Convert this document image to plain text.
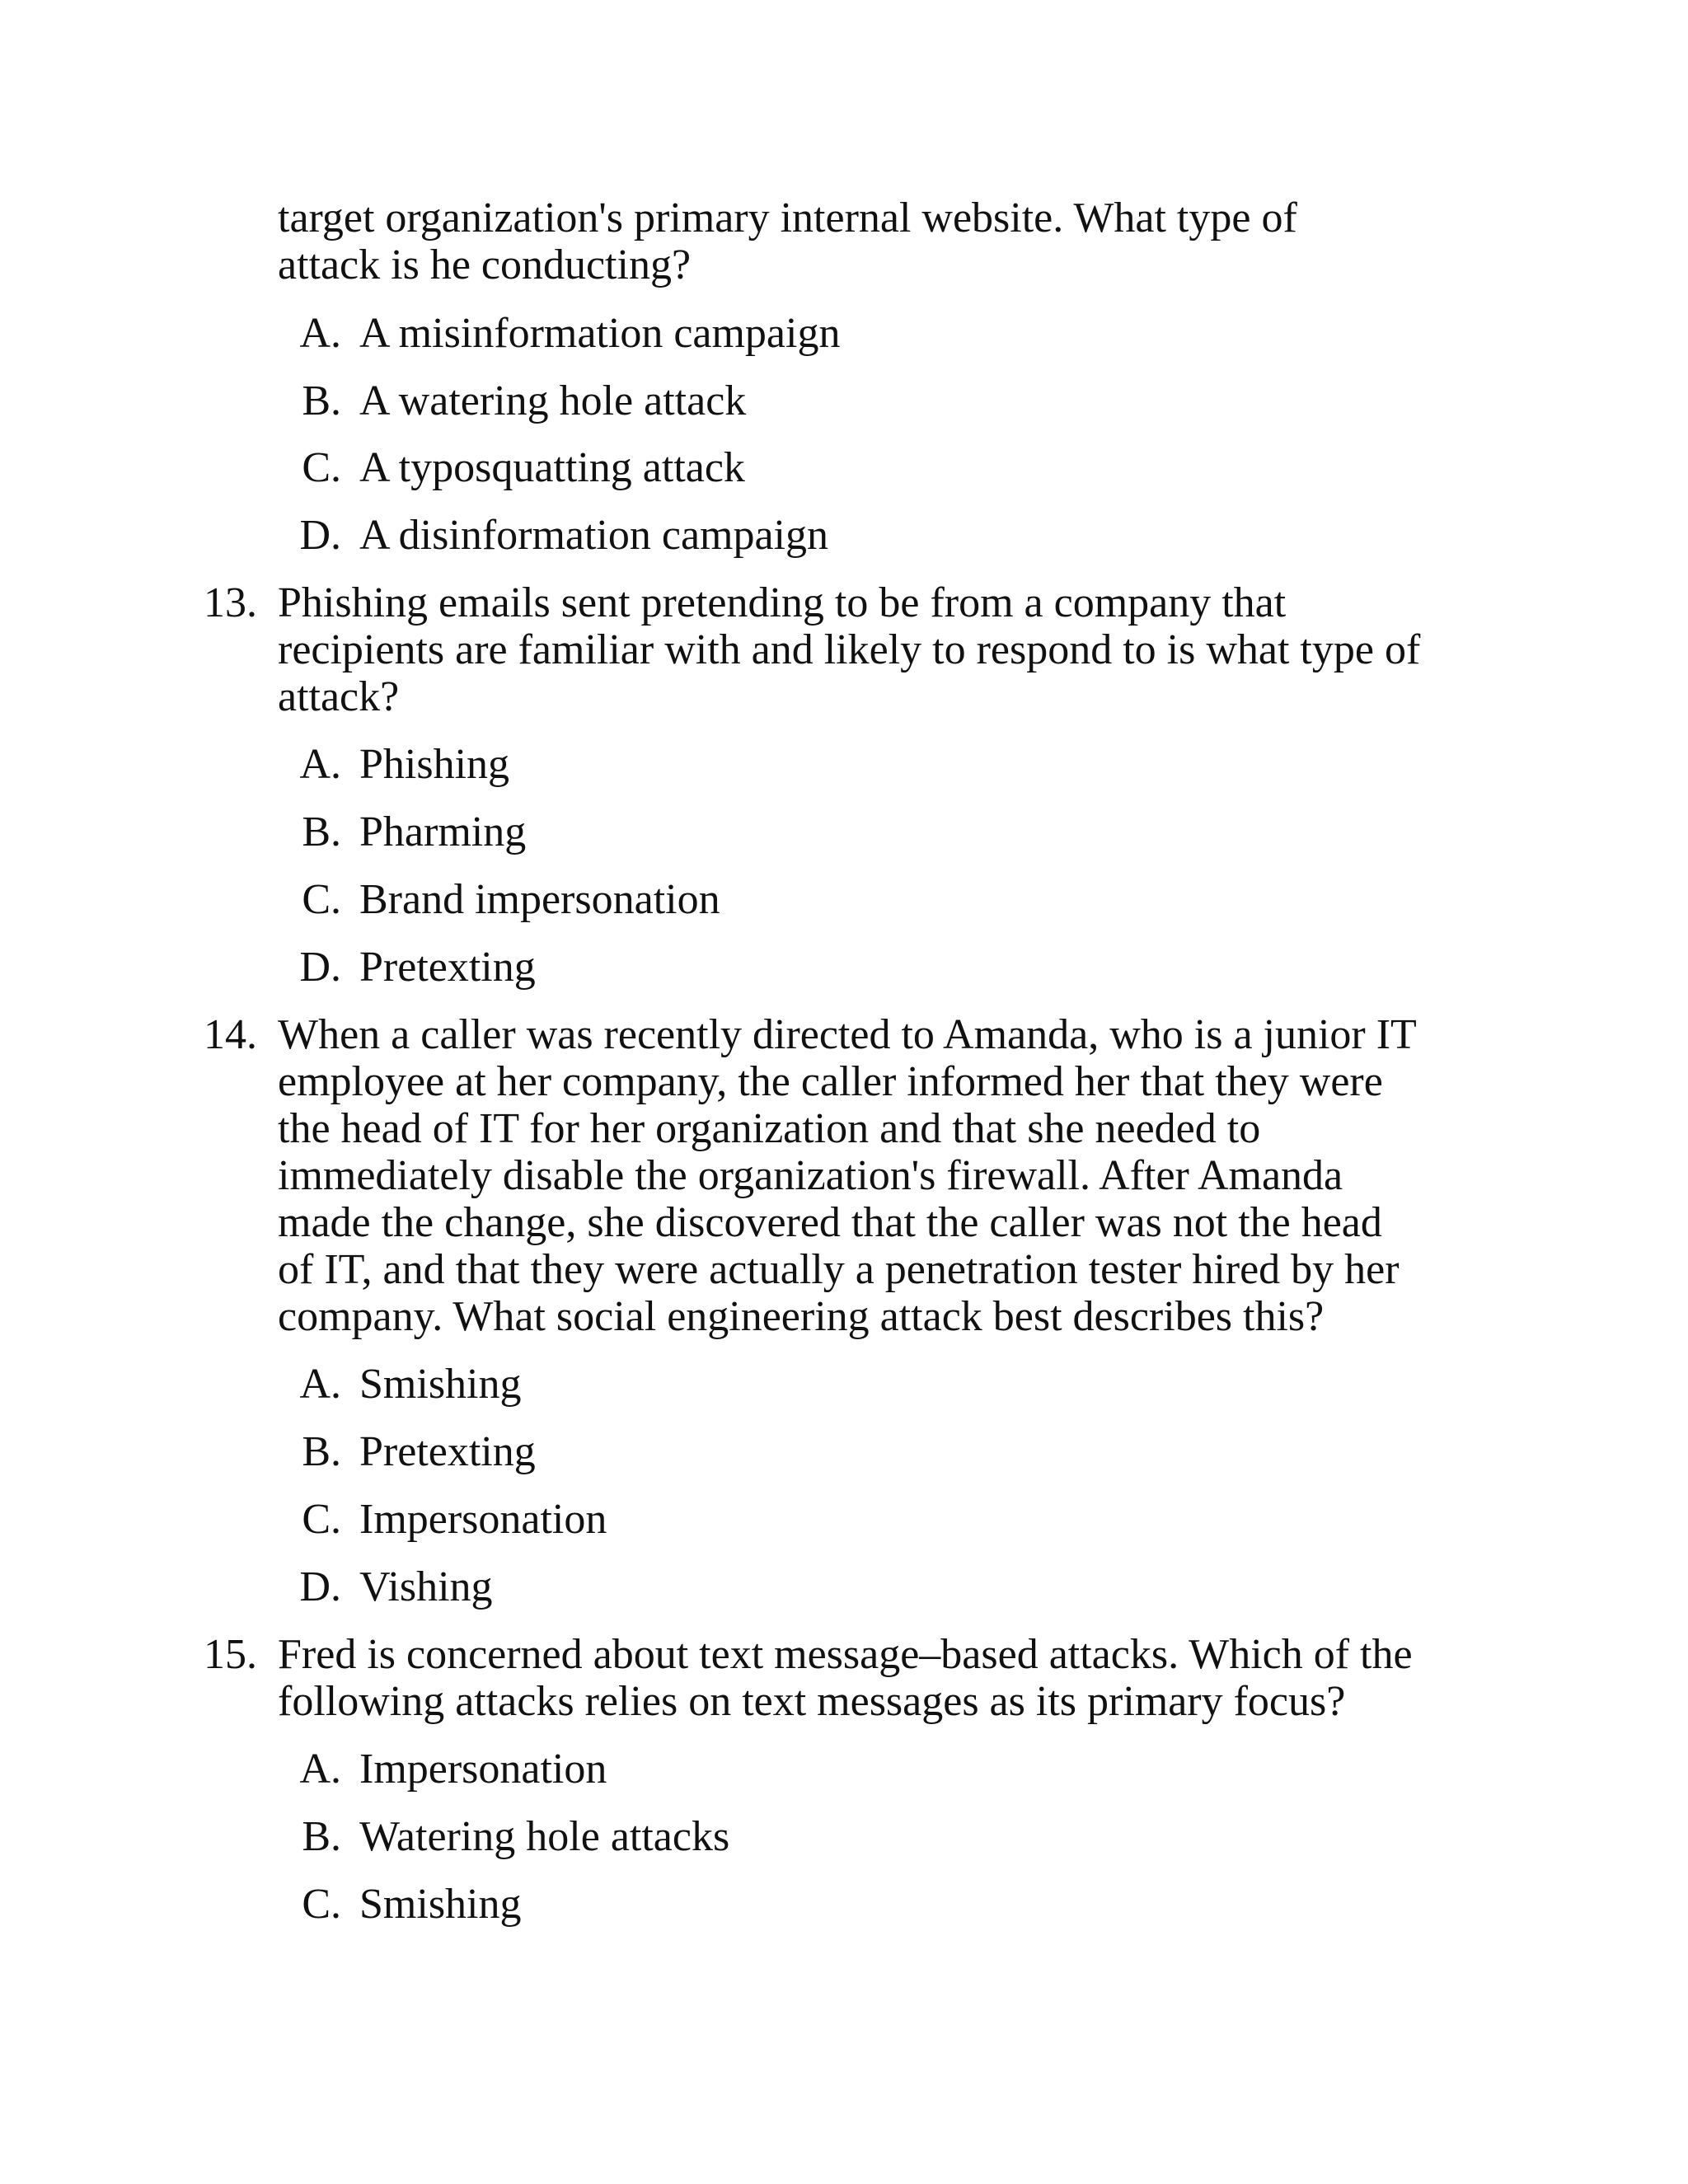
target organization's primary internal website. What type of
attack is he conducting?
A. A misinformation campaign
B. A watering hole attack
C. A typosquatting attack
D. A disinformation campaign
13. Phishing emails sent pretending to be from a company that
recipients are familiar with and likely to respond to is what type of
attack?
A. Phishing
B. Pharming
C. Brand impersonation
D. Pretexting
14. When a caller was recently directed to Amanda, who is a junior IT
employee at her company, the caller informed her that they were
the head of IT for her organization and that she needed to
immediately disable the organization's firewall. After Amanda
made the change, she discovered that the caller was not the head
of IT, and that they were actually a penetration tester hired by her
company. What social engineering attack best describes this?
A. Smishing
B. Pretexting
C. Impersonation
D. Vishing
15. Fred is concerned about text message–based attacks. Which of the
following attacks relies on text messages as its primary focus?
A. Impersonation
B. Watering hole attacks
C. Smishing
